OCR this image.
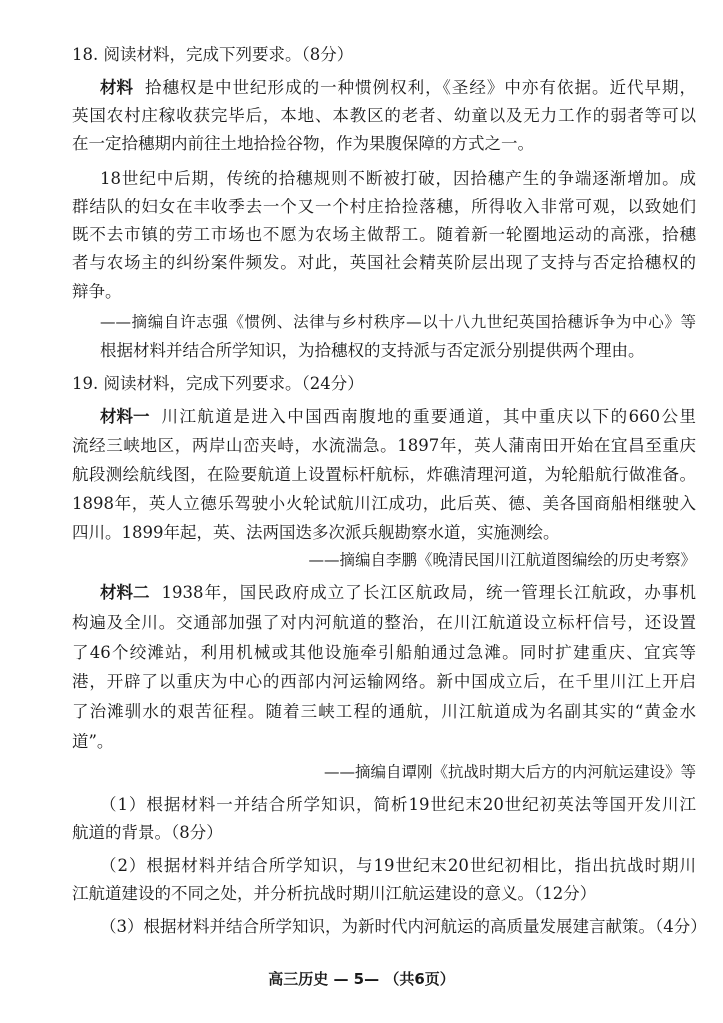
18. 阅读材料，完成下列要求。（8分）
材料 拾穗权是中世纪形成的一种惯例权利，《圣经》中亦有依据。近代早期，
英国农村庄稼收获完毕后，本地、本教区的老者、幼童以及无力工作的弱者等可以
在一定拾穗期内前往土地拾捡谷物，作为果腹保障的方式之一。
18世纪中后期，传统的拾穗规则不断被打破，因拾穗产生的争端逐渐增加。成
群结队的妇女在丰收季去一个又一个村庄拾捡落穗，所得收入非常可观，以致她们
既不去市镇的劳工市场也不愿为农场主做帮工。随着新一轮圈地运动的高涨，拾穗
者与农场主的纠纷案件频发。对此，英国社会精英阶层出现了支持与否定拾穗权的
辩争。
——摘编自许志强《惯例、法律与乡村秩序—以十八九世纪英国拾穗诉争为中心》等
根据材料并结合所学知识，为拾穗权的支持派与否定派分别提供两个理由。
19. 阅读材料，完成下列要求。（24分）
材料一 川江航道是进入中国西南腹地的重要通道，其中重庆以下的660公里
流经三峡地区，两岸山峦夹峙，水流湍急。1897年，英人蒲南田开始在宜昌至重庆
航段测绘航线图，在险要航道上设置标杆航标，炸礁清理河道，为轮船航行做准备。
1898年，英人立德乐驾驶小火轮试航川江成功，此后英、德、美各国商船相继驶入
四川。1899年起，英、法两国迭多次派兵舰勘察水道，实施测绘。
——摘编自李鹏《晚清民国川江航道图编绘的历史考察》
材料二 1938年，国民政府成立了长江区航政局，统一管理长江航政，办事机
构遍及全川。交通部加强了对内河航道的整治，在川江航道设立标杆信号，还设置
了46个绞滩站，利用机械或其他设施牵引船舶通过急滩。同时扩建重庆、宜宾等
港，开辟了以重庆为中心的西部内河运输网络。新中国成立后，在千里川江上开启
了治滩驯水的艰苦征程。随着三峡工程的通航，川江航道成为名副其实的“黄金水
道”。
——摘编自谭刚《抗战时期大后方的内河航运建设》等
（1）根据材料一并结合所学知识，简析19世纪末20世纪初英法等国开发川江
航道的背景。（8分）
（2）根据材料并结合所学知识，与19世纪末20世纪初相比，指出抗战时期川
江航道建设的不同之处，并分析抗战时期川江航运建设的意义。（12分）
（3）根据材料并结合所学知识，为新时代内河航运的高质量发展建言献策。（4分）
高三历史 — 5— （共6页）
